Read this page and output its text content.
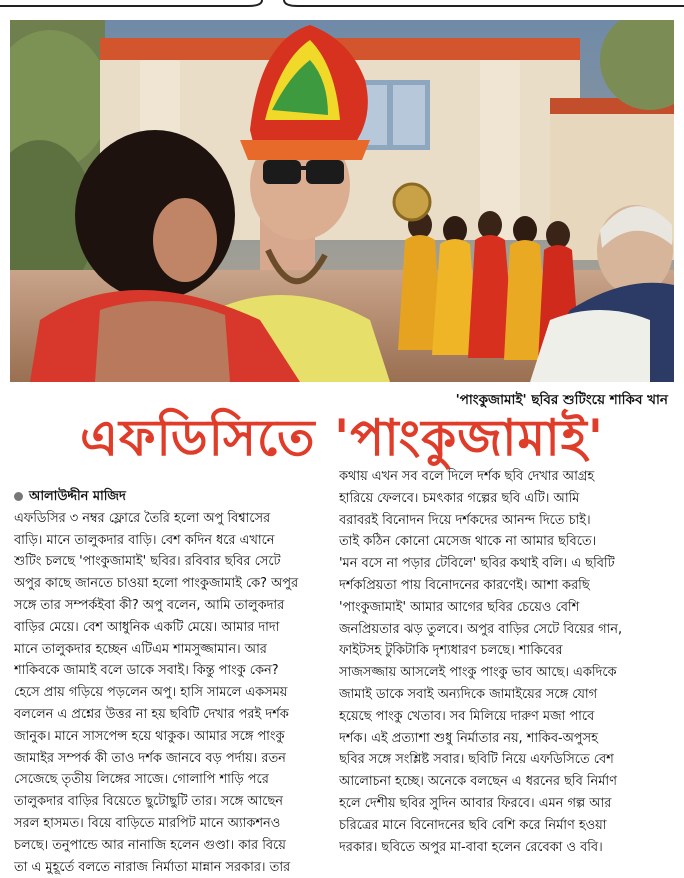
'পাংকুজামাই' ছবির শুটিংয়ে শাকিব খান
এফডিসিতে 'পাংকুজামাই'
আলাউদ্দীন মাজিদ
এফডিসির ৩ নম্বর ফ্লোরে তৈরি হলো অপু বিশ্বাসের
বাড়ি। মানে তালুকদার বাড়ি। বেশ কদিন ধরে এখানে
শুটিং চলছে 'পাংকুজামাই' ছবির। রবিবার ছবির সেটে
অপুর কাছে জানতে চাওয়া হলো পাংকুজামাই কে? অপুর
সঙ্গে তার সম্পর্কইবা কী? অপু বলেন, আমি তালুকদার
বাড়ির মেয়ে। বেশ আধুনিক একটি মেয়ে। আমার দাদা
মানে তালুকদার হচ্ছেন এটিএম শামসুজ্জামান। আর
শাকিবকে জামাই বলে ডাকে সবাই। কিন্তু পাংকু কেন?
হেসে প্রায় গড়িয়ে পড়লেন অপু। হাসি সামলে একসময়
বললেন এ প্রশ্নের উত্তর না হয় ছবিটি দেখার পরই দর্শক
জানুক। মানে সাসপেন্স হয়ে থাকুক। আমার সঙ্গে পাংকু
জামাইর সম্পর্ক কী তাও দর্শক জানবে বড় পর্দায়। রতন
সেজেছে তৃতীয় লিঙ্গের সাজে। গোলাপি শাড়ি পরে
তালুকদার বাড়ির বিয়েতে ছুটোছুটি তার। সঙ্গে আছেন
সরল হাসমত। বিয়ে বাড়িতে মারপিট মানে অ্যাকশনও
চলছে। তনুপান্ডে আর নানাজি হলেন গুণ্ডা। কার বিয়ে
তা এ মুহূর্তে বলতে নারাজ নির্মাতা মান্নান সরকার। তার
কথায় এখন সব বলে দিলে দর্শক ছবি দেখার আগ্রহ
হারিয়ে ফেলবে। চমৎকার গল্পের ছবি এটি। আমি
বরাবরই বিনোদন দিয়ে দর্শকদের আনন্দ দিতে চাই।
তাই কঠিন কোনো মেসেজ থাকে না আমার ছবিতে।
'মন বসে না পড়ার টেবিলে' ছবির কথাই বলি। এ ছবিটি
দর্শকপ্রিয়তা পায় বিনোদনের কারণেই। আশা করছি
'পাংকুজামাই' আমার আগের ছবির চেয়েও বেশি
জনপ্রিয়তার ঝড় তুলবে। অপুর বাড়ির সেটে বিয়ের গান,
ফাইটসহ টুকিটাকি দৃশ্যধারণ চলছে। শাকিবের
সাজসজ্জায় আসলেই পাংকু পাংকু ভাব আছে। একদিকে
জামাই ডাকে সবাই অন্যদিকে জামাইয়ের সঙ্গে যোগ
হয়েছে পাংকু খেতাব। সব মিলিয়ে দারুণ মজা পাবে
দর্শক। এই প্রত্যাশা শুধু নির্মাতার নয়, শাকিব-অপুসহ
ছবির সঙ্গে সংশ্লিষ্ট সবার। ছবিটি নিয়ে এফডিসিতে বেশ
আলোচনা হচ্ছে। অনেকে বলছেন এ ধরনের ছবি নির্মাণ
হলে দেশীয় ছবির সুদিন আবার ফিরবে। এমন গল্প আর
চরিত্রের মানে বিনোদনের ছবি বেশি করে নির্মাণ হওয়া
দরকার। ছবিতে অপুর মা-বাবা হলেন রেবেকা ও ববি।
